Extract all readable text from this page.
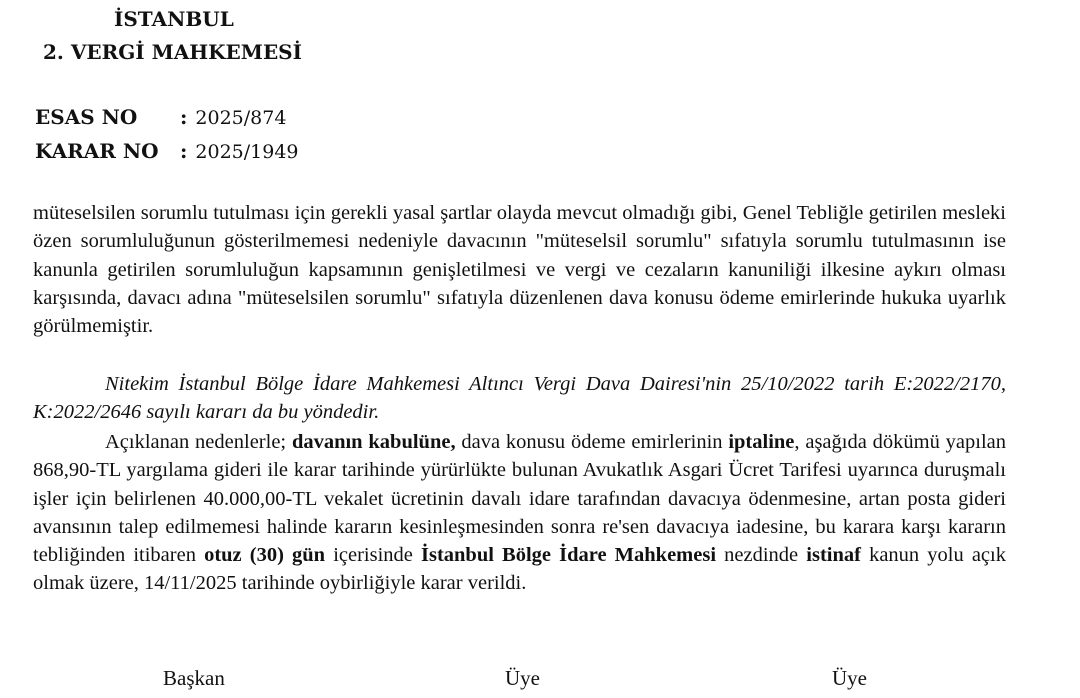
İSTANBUL
2. VERGİ MAHKEMESİ
ESAS NO : 2025/874
KARAR NO : 2025/1949

müteselsilen sorumlu tutulması için gerekli yasal şartlar olayda mevcut olmadığı gibi, Genel Tebliğle getirilen mesleki özen sorumluluğunun gösterilmemesi nedeniyle davacının "müteselsil sorumlu" sıfatıyla sorumlu tutulmasının ise kanunla getirilen sorumluluğun kapsamının genişletilmesi ve vergi ve cezaların kanuniliği ilkesine aykırı olması karşısında, davacı adına "müteselsilen sorumlu" sıfatıyla düzenlenen dava konusu ödeme emirlerinde hukuka uyarlık görülmemiştir.

Nitekim İstanbul Bölge İdare Mahkemesi Altıncı Vergi Dava Dairesi'nin 25/10/2022 tarih E:2022/2170, K:2022/2646 sayılı kararı da bu yöndedir.

Açıklanan nedenlerle; davanın kabulüne, dava konusu ödeme emirlerinin iptaline, aşağıda dökümü yapılan 868,90-TL yargılama gideri ile karar tarihinde yürürlükte bulunan Avukatlık Asgari Ücret Tarifesi uyarınca duruşmalı işler için belirlenen 40.000,00-TL vekalet ücretinin davalı idare tarafından davacıya ödenmesine, artan posta gideri avansının talep edilmemesi halinde kararın kesinleşmesinden sonra re'sen davacıya iadesine, bu karara karşı kararın tebliğinden itibaren otuz (30) gün içerisinde İstanbul Bölge İdare Mahkemesi nezdinde istinaf kanun yolu açık olmak üzere, 14/11/2025 tarihinde oybirliğiyle karar verildi.

Başkan	Üye	Üye
